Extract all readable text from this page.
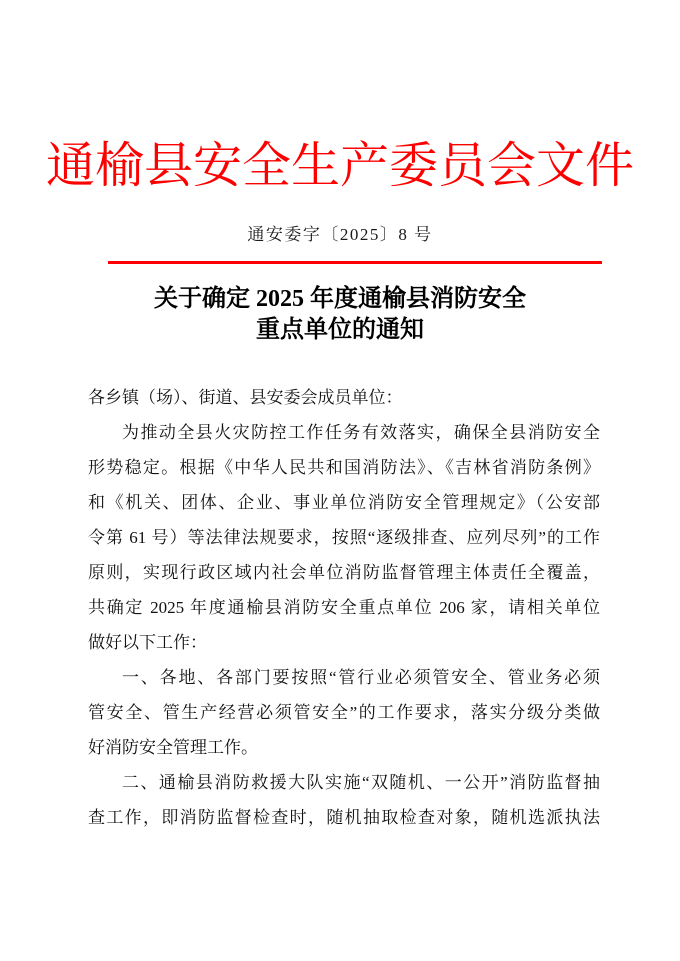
通榆县安全生产委员会文件
通安委字〔2025〕8 号
关于确定 2025 年度通榆县消防安全
重点单位的通知
各乡镇（场）、街道、县安委会成员单位：
为推动全县火灾防控工作任务有效落实，确保全县消防安全
形势稳定。根据《中华人民共和国消防法》、《吉林省消防条例》
和《机关、团体、企业、事业单位消防安全管理规定》（公安部
令第 61 号）等法律法规要求，按照“逐级排查、应列尽列”的工作
原则，实现行政区域内社会单位消防监督管理主体责任全覆盖，
共确定 2025 年度通榆县消防安全重点单位 206 家，请相关单位
做好以下工作：
一、各地、各部门要按照“管行业必须管安全、管业务必须
管安全、管生产经营必须管安全”的工作要求，落实分级分类做
好消防安全管理工作。
二、通榆县消防救援大队实施“双随机、一公开”消防监督抽
查工作，即消防监督检查时，随机抽取检查对象，随机选派执法
